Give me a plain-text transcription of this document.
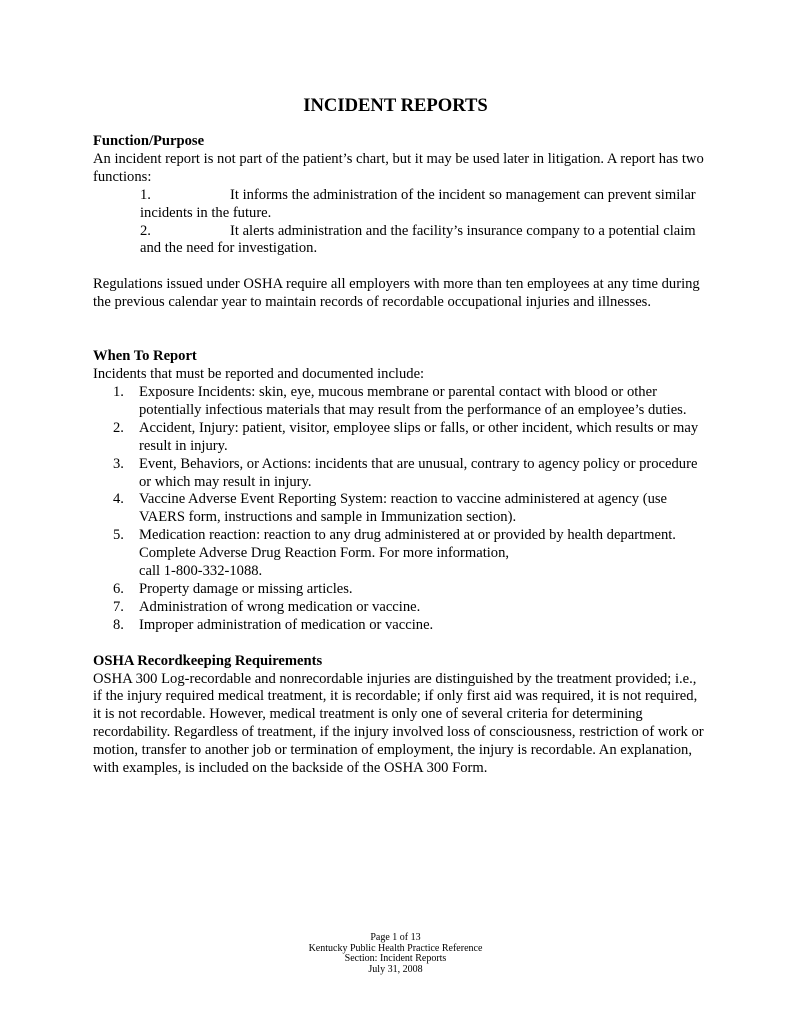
INCIDENT REPORTS

Function/Purpose

An incident report is not part of the patient’s chart, but it may be used later in litigation. A report has two functions:

1.	It informs the administration of the incident so management can prevent similar incidents in the future.
2.	It alerts administration and the facility’s insurance company to a potential claim and the need for investigation.

Regulations issued under OSHA require all employers with more than ten employees at any time during the previous calendar year to maintain records of recordable occupational injuries and illnesses.

When To Report

Incidents that must be reported and documented include:

1. Exposure Incidents: skin, eye, mucous membrane or parental contact with blood or other potentially infectious materials that may result from the performance of an employee’s duties.
2. Accident, Injury: patient, visitor, employee slips or falls, or other incident, which results or may result in injury.
3. Event, Behaviors, or Actions: incidents that are unusual, contrary to agency policy or procedure or which may result in injury.
4. Vaccine Adverse Event Reporting System: reaction to vaccine administered at agency (use VAERS form, instructions and sample in Immunization section).
5. Medication reaction: reaction to any drug administered at or provided by health department. Complete Adverse Drug Reaction Form. For more information,
call 1-800-332-1088.
6. Property damage or missing articles.
7. Administration of wrong medication or vaccine.
8. Improper administration of medication or vaccine.

OSHA Recordkeeping Requirements

OSHA 300 Log-recordable and nonrecordable injuries are distinguished by the treatment provided; i.e., if the injury required medical treatment, it is recordable; if only first aid was required, it is not required, it is not recordable. However, medical treatment is only one of several criteria for determining recordability. Regardless of treatment, if the injury involved loss of consciousness, restriction of work or motion, transfer to another job or termination of employment, the injury is recordable. An explanation, with examples, is included on the backside of the OSHA 300 Form.

Page 1 of 13
Kentucky Public Health Practice Reference
Section: Incident Reports
July 31, 2008
